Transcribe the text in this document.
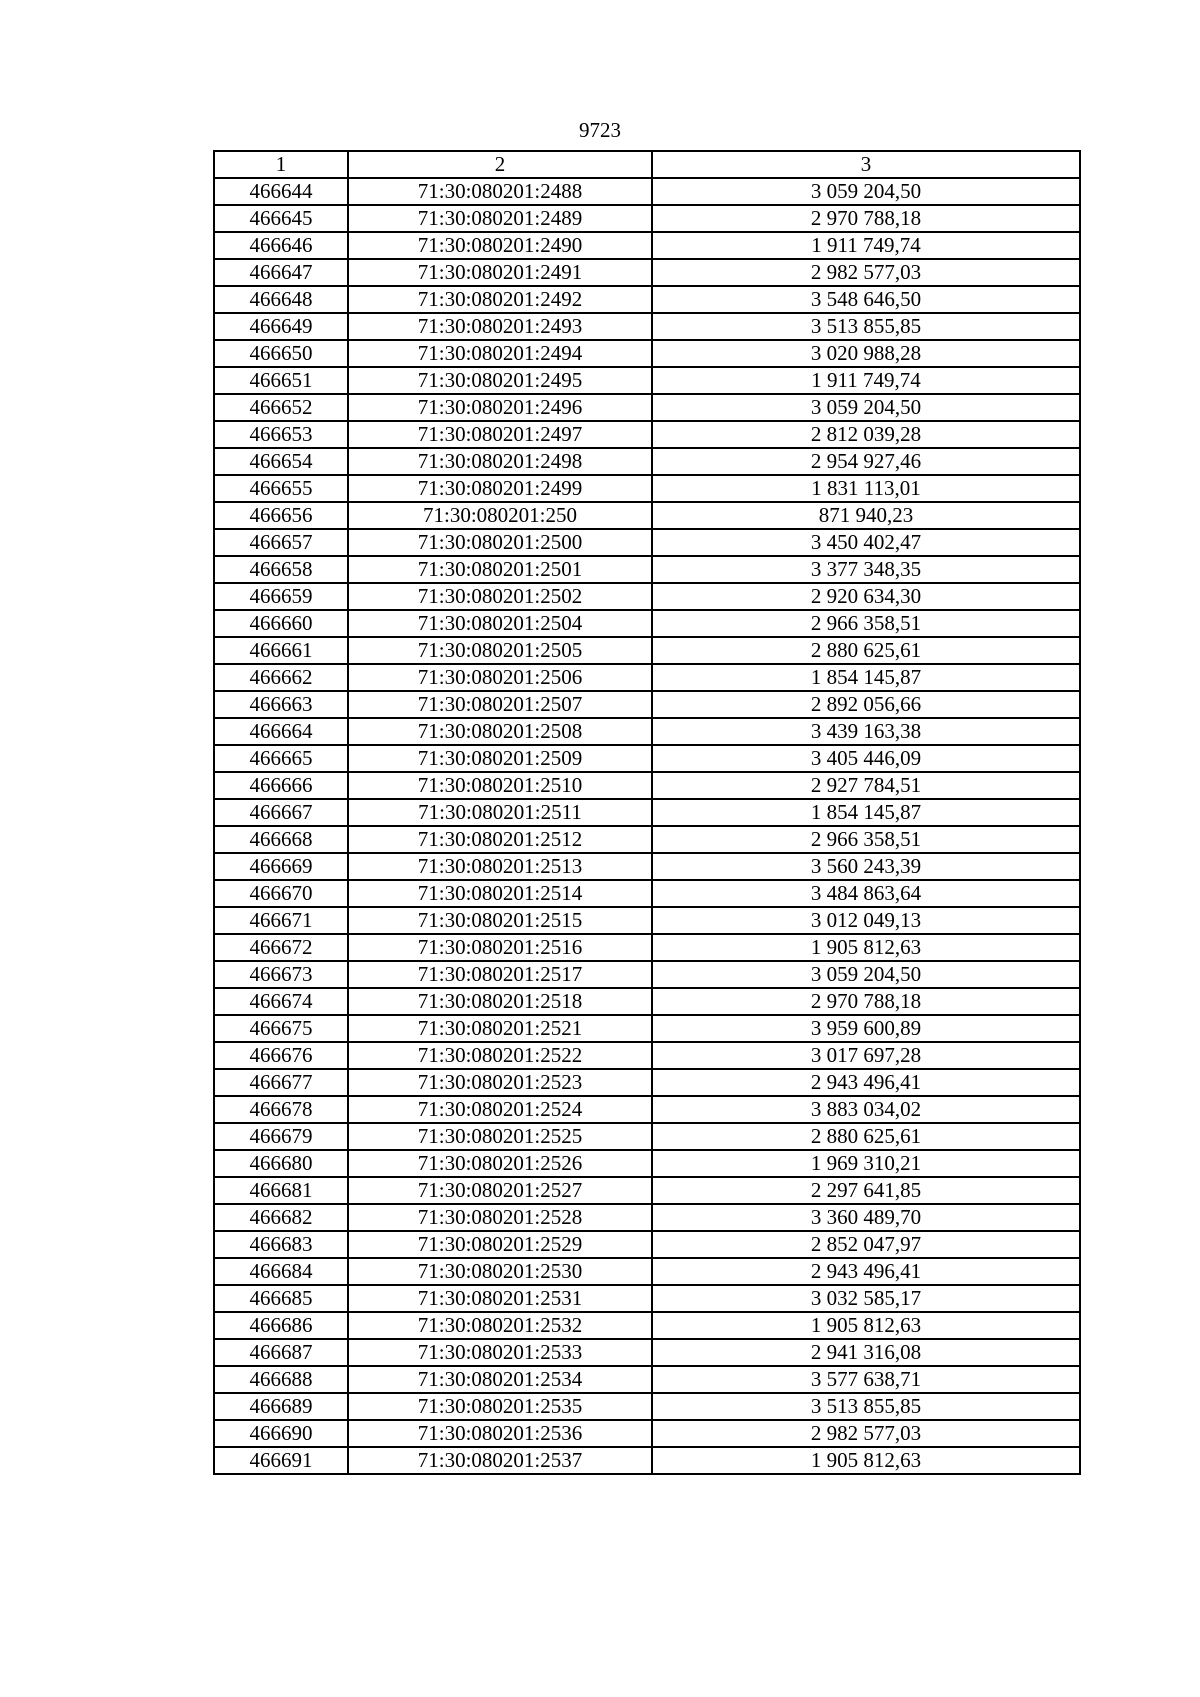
9723
1	2	3
466644	71:30:080201:2488	3 059 204,50
466645	71:30:080201:2489	2 970 788,18
466646	71:30:080201:2490	1 911 749,74
466647	71:30:080201:2491	2 982 577,03
466648	71:30:080201:2492	3 548 646,50
466649	71:30:080201:2493	3 513 855,85
466650	71:30:080201:2494	3 020 988,28
466651	71:30:080201:2495	1 911 749,74
466652	71:30:080201:2496	3 059 204,50
466653	71:30:080201:2497	2 812 039,28
466654	71:30:080201:2498	2 954 927,46
466655	71:30:080201:2499	1 831 113,01
466656	71:30:080201:250	871 940,23
466657	71:30:080201:2500	3 450 402,47
466658	71:30:080201:2501	3 377 348,35
466659	71:30:080201:2502	2 920 634,30
466660	71:30:080201:2504	2 966 358,51
466661	71:30:080201:2505	2 880 625,61
466662	71:30:080201:2506	1 854 145,87
466663	71:30:080201:2507	2 892 056,66
466664	71:30:080201:2508	3 439 163,38
466665	71:30:080201:2509	3 405 446,09
466666	71:30:080201:2510	2 927 784,51
466667	71:30:080201:2511	1 854 145,87
466668	71:30:080201:2512	2 966 358,51
466669	71:30:080201:2513	3 560 243,39
466670	71:30:080201:2514	3 484 863,64
466671	71:30:080201:2515	3 012 049,13
466672	71:30:080201:2516	1 905 812,63
466673	71:30:080201:2517	3 059 204,50
466674	71:30:080201:2518	2 970 788,18
466675	71:30:080201:2521	3 959 600,89
466676	71:30:080201:2522	3 017 697,28
466677	71:30:080201:2523	2 943 496,41
466678	71:30:080201:2524	3 883 034,02
466679	71:30:080201:2525	2 880 625,61
466680	71:30:080201:2526	1 969 310,21
466681	71:30:080201:2527	2 297 641,85
466682	71:30:080201:2528	3 360 489,70
466683	71:30:080201:2529	2 852 047,97
466684	71:30:080201:2530	2 943 496,41
466685	71:30:080201:2531	3 032 585,17
466686	71:30:080201:2532	1 905 812,63
466687	71:30:080201:2533	2 941 316,08
466688	71:30:080201:2534	3 577 638,71
466689	71:30:080201:2535	3 513 855,85
466690	71:30:080201:2536	2 982 577,03
466691	71:30:080201:2537	1 905 812,63
